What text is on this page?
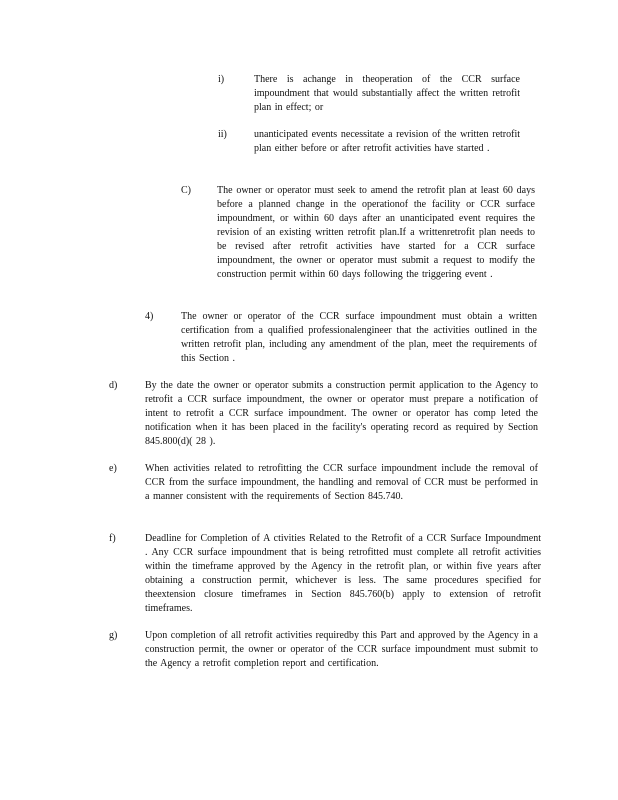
i)	There is achange in theoperation of the CCR surface impoundment that would substantially affect the written retrofit plan in effect; or
ii)	unanticipated events necessitate a revision of the written retrofit plan either before or after retrofit activities have started .
C)	The owner or operator must seek to amend the retrofit plan at least 60 days before a planned change in the operationof the facility or CCR surface impoundment, or within 60 days after an unanticipated event requires the revision of an existing written retrofit plan.If a writtenretrofit plan needs to be revised after retrofit activities have started for a CCR surface impoundment, the owner or operator must submit a request to modify the construction permit within 60 days following the triggering event .
4)	The owner or operator of the CCR surface impoundment must obtain a written certification from a qualified professionalengineer that the activities outlined in the written retrofit plan, including any amendment of the plan, meet the requirements of this Section .
d)	By the date the owner or operator submits a construction permit application to the Agency to retrofit a CCR surface impoundment, the owner or operator must prepare a notification of intent to retrofit a CCR surface impoundment. The owner or operator has comp leted the notification when it has been placed in the facility's operating record as required by Section 845.800(d)( 28 ).
e)	When activities related to retrofitting the CCR surface impoundment include the removal of CCR from the surface impoundment, the handling and removal of CCR must be performed in a manner consistent with the requirements of Section 845.740.
f)	Deadline for Completion of A ctivities Related to the Retrofit of a CCR Surface Impoundment . Any CCR surface impoundment that is being retrofitted must complete all retrofit activities within the timeframe approved by the Agency in the retrofit plan, or within five years after obtaining a construction permit, whichever is less. The same procedures specified for theextension closure timeframes in Section 845.760(b) apply to extension of retrofit timeframes.
g)	Upon completion of all retrofit activities requiredby this Part and approved by the Agency in a construction permit, the owner or operator of the CCR surface impoundment must submit to the Agency a retrofit completion report and certification.
